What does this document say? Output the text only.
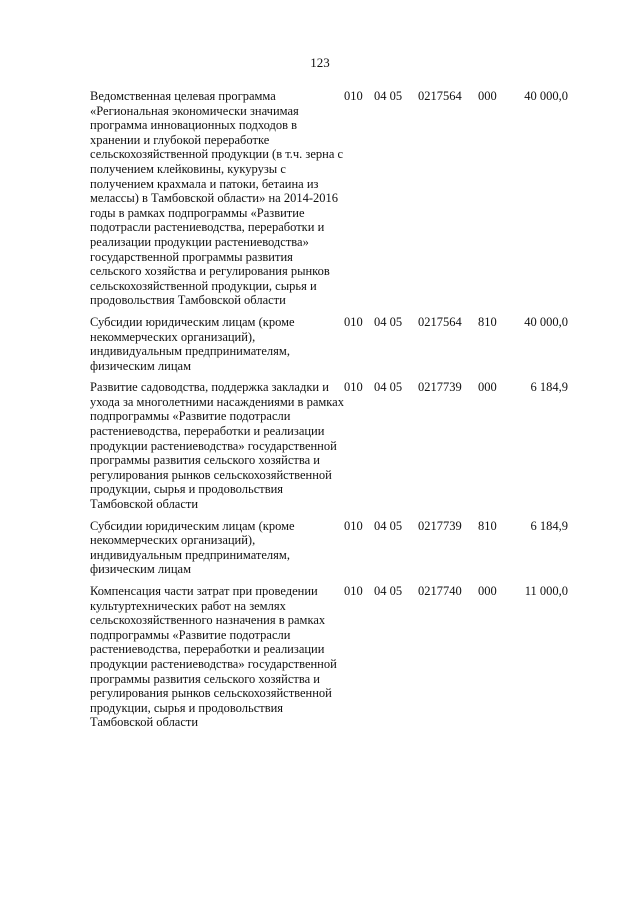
123
Ведомственная целевая программа «Региональная экономически значимая программа инновационных подходов в хранении и глубокой переработке сельскохозяйственной продукции (в т.ч. зерна с получением клейковины, кукурузы с получением крахмала и патоки, бетаина из мелассы) в Тамбовской области» на 2014-2016 годы в рамках подпрограммы «Развитие подотрасли растениеводства, переработки и реализации продукции растениеводства» государственной программы развития сельского хозяйства и регулирования рынков сельскохозяйственной продукции, сырья и продовольствия Тамбовской области	010	04 05	0217564	000	40 000,0
Субсидии юридическим лицам (кроме некоммерческих организаций), индивидуальным предпринимателям, физическим лицам	010	04 05	0217564	810	40 000,0
Развитие садоводства, поддержка закладки и ухода за многолетними насаждениями в рамках подпрограммы «Развитие подотрасли растениеводства, переработки и реализации продукции растениеводства» государственной программы развития сельского хозяйства и регулирования рынков сельскохозяйственной продукции, сырья и продовольствия Тамбовской области	010	04 05	0217739	000	6 184,9
Субсидии юридическим лицам (кроме некоммерческих организаций), индивидуальным предпринимателям, физическим лицам	010	04 05	0217739	810	6 184,9
Компенсация части затрат при проведении культуртехнических работ на землях сельскохозяйственного назначения в рамках подпрограммы «Развитие подотрасли растениеводства, переработки и реализации продукции растениеводства» государственной программы развития сельского хозяйства и регулирования рынков сельскохозяйственной продукции, сырья и продовольствия Тамбовской области	010	04 05	0217740	000	11 000,0
